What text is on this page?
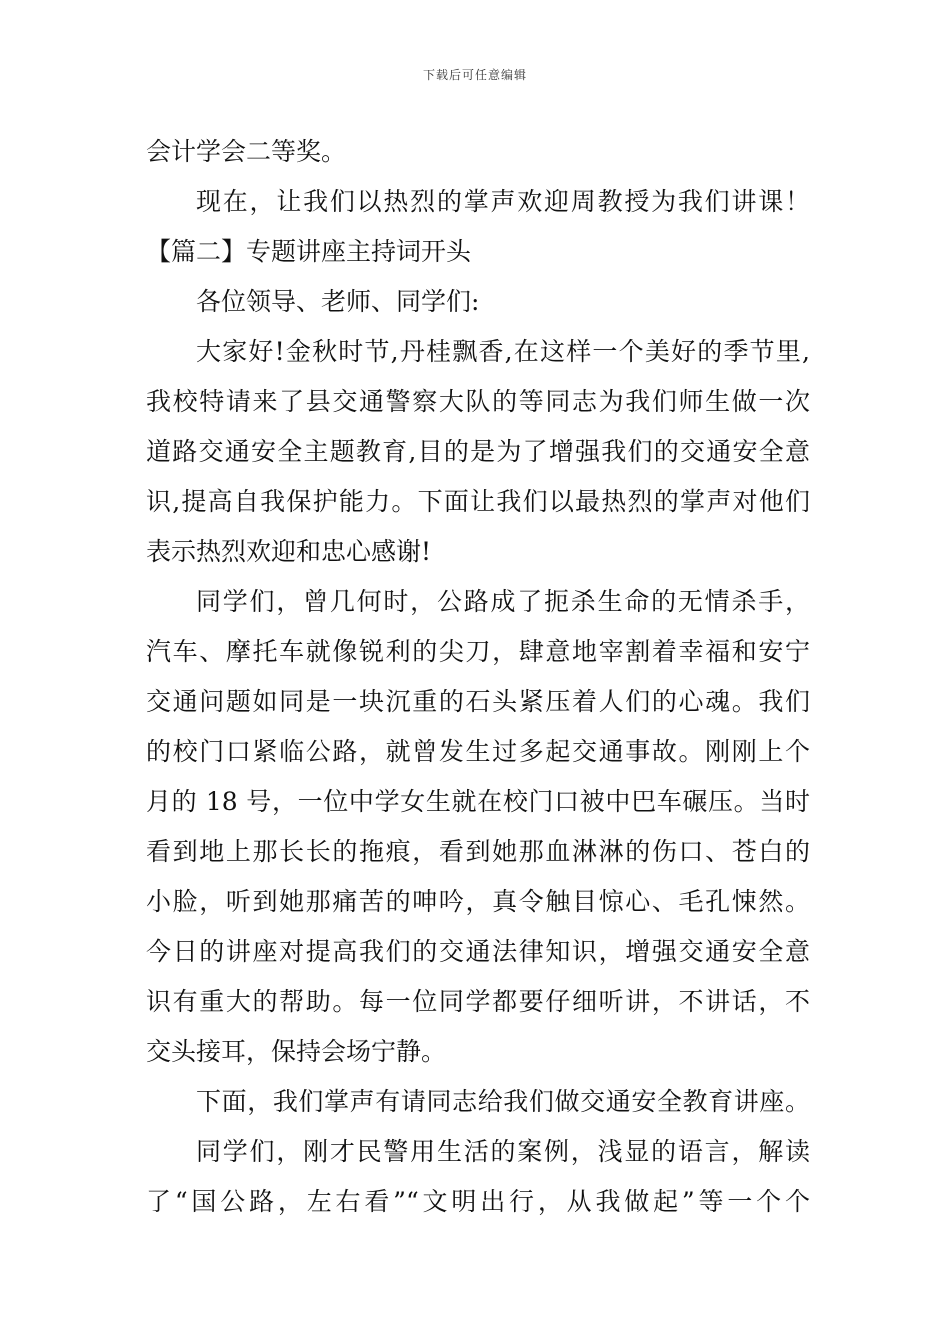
下载后可任意编辑
会计学会二等奖。
现在，让我们以热烈的掌声欢迎周教授为我们讲课！
【篇二】专题讲座主持词开头
各位领导、老师、同学们:
大家好!金秋时节,丹桂飘香,在这样一个美好的季节里,
我校特请来了县交通警察大队的等同志为我们师生做一次
道路交通安全主题教育,目的是为了增强我们的交通安全意
识,提高自我保护能力。下面让我们以最热烈的掌声对他们
表示热烈欢迎和忠心感谢!
同学们，曾几何时，公路成了扼杀生命的无情杀手，
汽车、摩托车就像锐利的尖刀，肆意地宰割着幸福和安宁
交通问题如同是一块沉重的石头紧压着人们的心魂。我们
的校门口紧临公路，就曾发生过多起交通事故。刚刚上个
月的 18 号，一位中学女生就在校门口被中巴车碾压。当时
看到地上那长长的拖痕，看到她那血淋淋的伤口、苍白的
小脸，听到她那痛苦的呻吟，真令触目惊心、毛孔悚然。
今日的讲座对提高我们的交通法律知识，增强交通安全意
识有重大的帮助。每一位同学都要仔细听讲，不讲话，不
交头接耳，保持会场宁静。
下面，我们掌声有请同志给我们做交通安全教育讲座。
同学们，刚才民警用生活的案例，浅显的语言，解读
了“国公路，左右看”“文明出行，从我做起”等一个个
